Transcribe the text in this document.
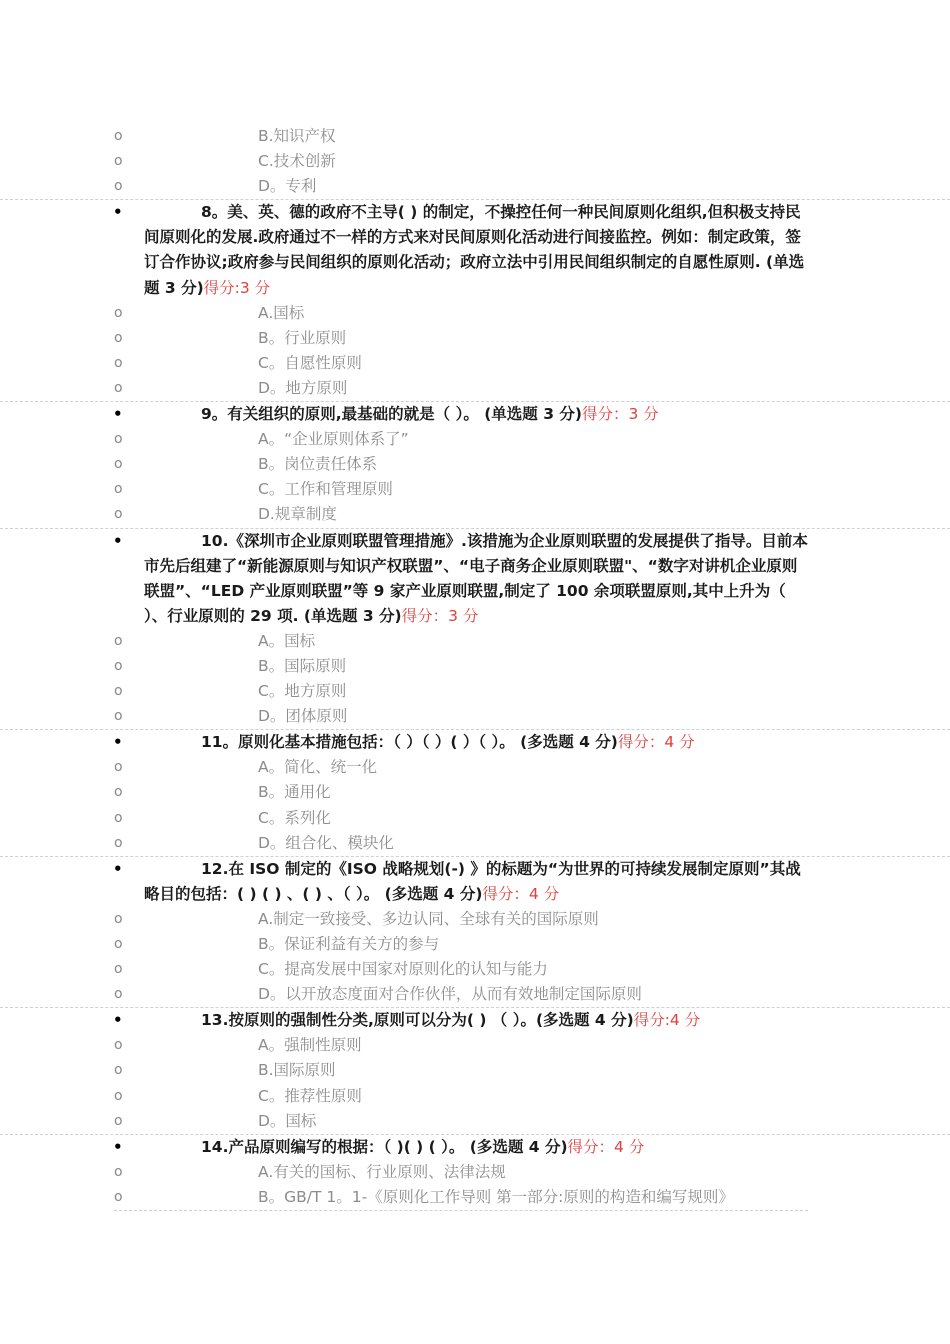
o	B.知识产权
o	C.技术创新
o	D。专利
•	8。美、英、德的政府不主导( ) 的制定，不操控任何一种民间原则化组织,但积极支持民间原则化的发展.政府通过不一样的方式来对民间原则化活动进行间接监控。例如：制定政策，签订合作协议;政府参与民间组织的原则化活动；政府立法中引用民间组织制定的自愿性原则. (单选题 3 分)得分:3 分
o	A.国标
o	B。行业原则
o	C。自愿性原则
o	D。地方原则
•	9。有关组织的原则,最基础的就是（ ）。 (单选题 3 分)得分：3 分
o	A。“企业原则体系了”
o	B。岗位责任体系
o	C。工作和管理原则
o	D.规章制度
•	10.《深圳市企业原则联盟管理措施》.该措施为企业原则联盟的发展提供了指导。目前本市先后组建了“新能源原则与知识产权联盟”、“电子商务企业原则联盟"、“数字对讲机企业原则联盟”、“LED 产业原则联盟”等 9 家产业原则联盟,制定了 100 余项联盟原则,其中上升为（ ）、行业原则的 29 项. (单选题 3 分)得分：3 分
o	A。国标
o	B。国际原则
o	C。地方原则
o	D。团体原则
•	11。原则化基本措施包括：（ ）（ ）( ）（ ）。 (多选题 4 分)得分：4 分
o	A。简化、统一化
o	B。通用化
o	C。系列化
o	D。组合化、模块化
•	12.在 ISO 制定的《ISO 战略规划(-) 》的标题为“为世界的可持续发展制定原则”其战略目的包括：( ) ( ) 、( ) 、（ ）。 (多选题 4 分)得分：4 分
o	A.制定一致接受、多边认同、全球有关的国际原则
o	B。保证利益有关方的参与
o	C。提高发展中国家对原则化的认知与能力
o	D。以开放态度面对合作伙伴，从而有效地制定国际原则
•	13.按原则的强制性分类,原则可以分为( ) （ ）。(多选题 4 分)得分:4 分
o	A。强制性原则
o	B.国际原则
o	C。推荐性原则
o	D。国标
•	14.产品原则编写的根据：（ )( ) ( ）。 (多选题 4 分)得分：4 分
o	A.有关的国标、行业原则、法律法规
o	B。GB/T 1。1-《原则化工作导则 第一部分:原则的构造和编写规则》
